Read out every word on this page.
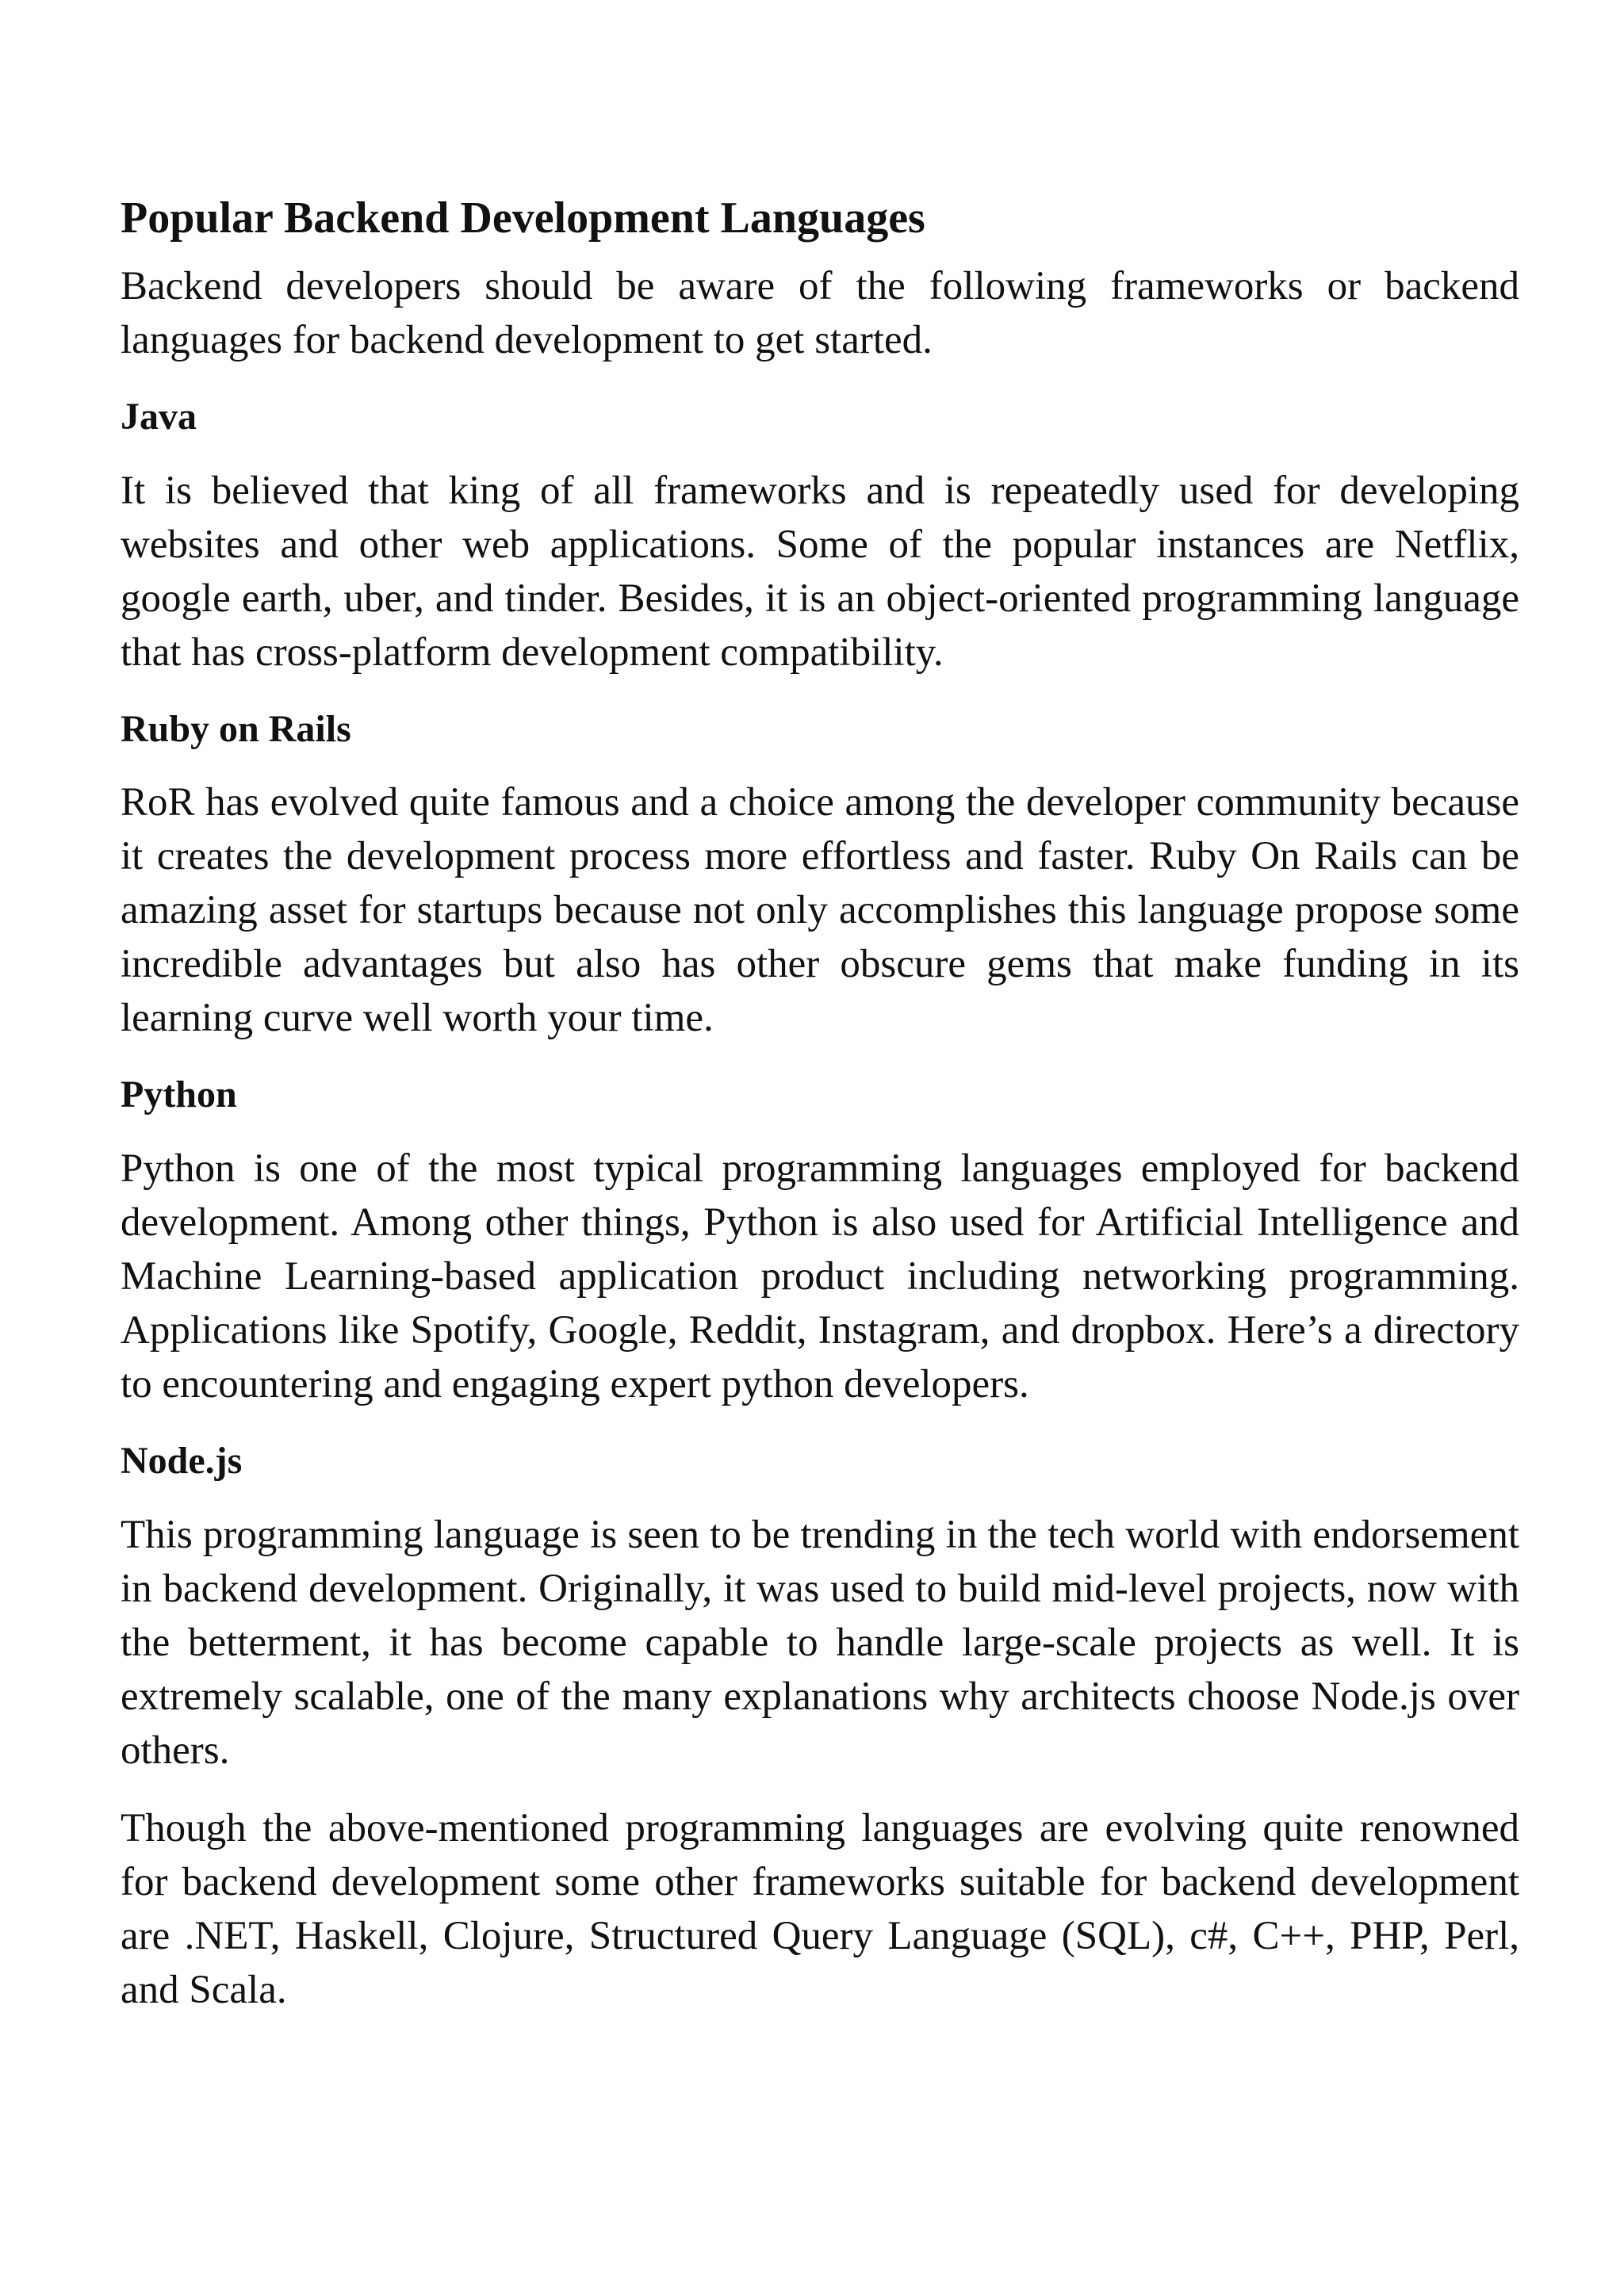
Popular Backend Development Languages

Backend developers should be aware of the following frameworks or backend languages for backend development to get started.

Java

It is believed that king of all frameworks and is repeatedly used for developing websites and other web applications. Some of the popular instances are Netflix, google earth, uber, and tinder. Besides, it is an object-oriented programming language that has cross-platform development compatibility.

Ruby on Rails

RoR has evolved quite famous and a choice among the developer community because it creates the development process more effortless and faster. Ruby On Rails can be amazing asset for startups because not only accomplishes this language propose some incredible advantages but also has other obscure gems that make funding in its learning curve well worth your time.

Python

Python is one of the most typical programming languages employed for backend development. Among other things, Python is also used for Artificial Intelligence and Machine Learning-based application product including networking programming. Applications like Spotify, Google, Reddit, Instagram, and dropbox. Here’s a directory to encountering and engaging expert python developers.

Node.js

This programming language is seen to be trending in the tech world with endorsement in backend development. Originally, it was used to build mid-level projects, now with the betterment, it has become capable to handle large-scale projects as well. It is extremely scalable, one of the many explanations why architects choose Node.js over others.

Though the above-mentioned programming languages are evolving quite renowned for backend development some other frameworks suitable for backend development are .NET, Haskell, Clojure, Structured Query Language (SQL), c#, C++, PHP, Perl, and Scala.
